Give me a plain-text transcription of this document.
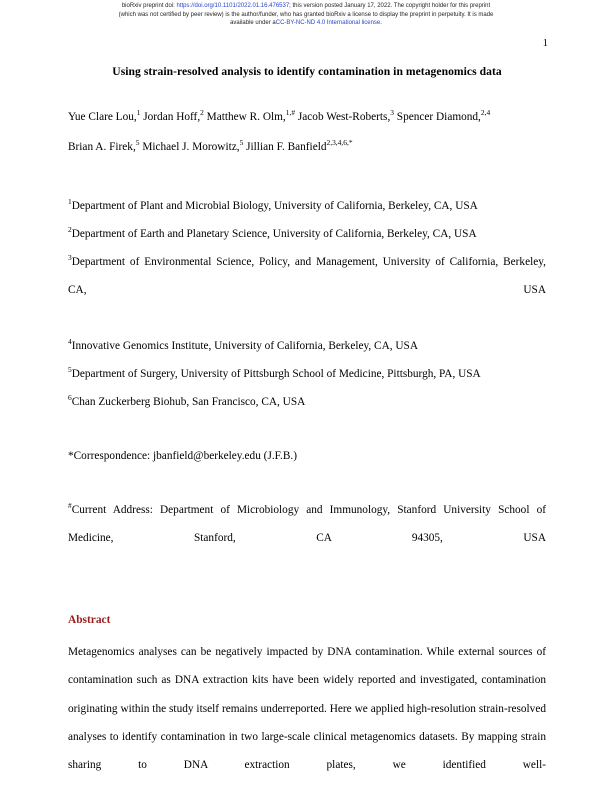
bioRxiv preprint doi: https://doi.org/10.1101/2022.01.16.476537; this version posted January 17, 2022. The copyright holder for this preprint
(which was not certified by peer review) is the author/funder, who has granted bioRxiv a license to display the preprint in perpetuity. It is made
available under aCC-BY-NC-ND 4.0 International license.
1
Using strain-resolved analysis to identify contamination in metagenomics data
Yue Clare Lou,$^1$ Jordan Hoff,$^2$ Matthew R. Olm,$^{1,\#}$ Jacob West-Roberts,$^3$ Spencer Diamond,$^{2,4}$
Brian A. Firek,$^5$ Michael J. Morowitz,$^5$ Jillian F. Banfield$^{2,3,4,6,*}$

$^1$Department of Plant and Microbial Biology, University of California, Berkeley, CA, USA

$^2$Department of Earth and Planetary Science, University of California, Berkeley, CA, USA

$^3$Department of Environmental Science, Policy, and Management, University of California, Berkeley, CA, USA

$^4$Innovative Genomics Institute, University of California, Berkeley, CA, USA

$^5$Department of Surgery, University of Pittsburgh School of Medicine, Pittsburgh, PA, USA

$^6$Chan Zuckerberg Biohub, San Francisco, CA, USA

*Correspondence: jbanfield@berkeley.edu (J.F.B.)

#Current Address: Department of Microbiology and Immunology, Stanford University School of Medicine, Stanford, CA 94305, USA

Abstract

Metagenomics analyses can be negatively impacted by DNA contamination. While external sources of contamination such as DNA extraction kits have been widely reported and investigated, contamination originating within the study itself remains underreported. Here we applied high-resolution strain-resolved analyses to identify contamination in two large-scale clinical metagenomics datasets. By mapping strain sharing to DNA extraction plates, we identified well-
